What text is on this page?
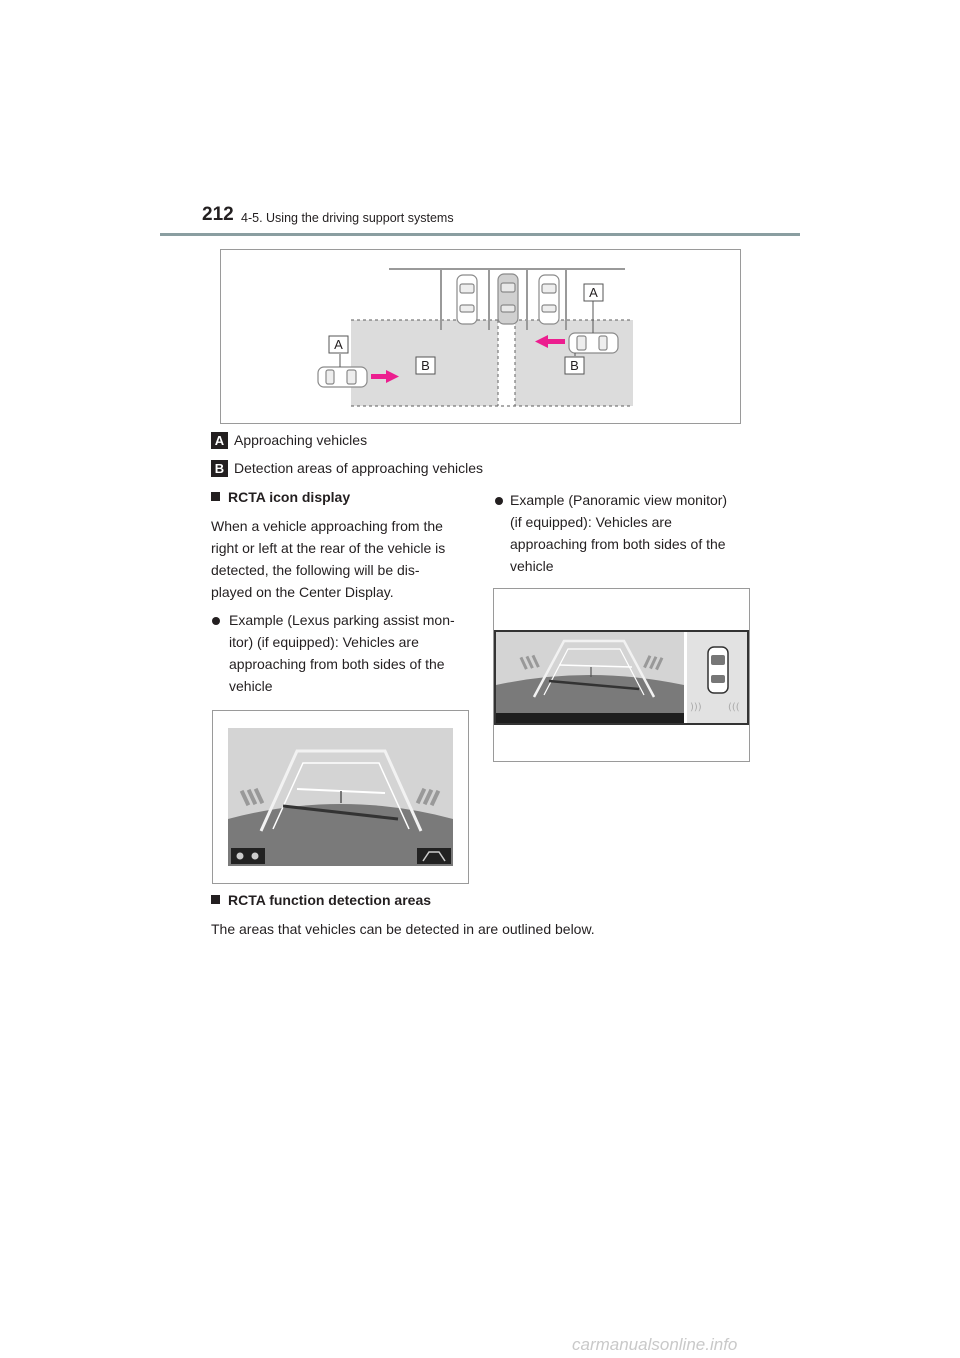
212 4-5. Using the driving support systems
A
A
B	B
A Approaching vehicles
B Detection areas of approaching vehicles
RCTA icon display
When a vehicle approaching from the
right or left at the rear of the vehicle is
detected, the following will be dis-
played on the Center Display.
Example (Lexus parking assist mon-
itor) (if equipped): Vehicles are
approaching from both sides of the
vehicle
Example (Panoramic view monitor)
(if equipped): Vehicles are
approaching from both sides of the
vehicle
)))	(((
RCTA function detection areas
The areas that vehicles can be detected in are outlined below.
carmanualsonline.info
